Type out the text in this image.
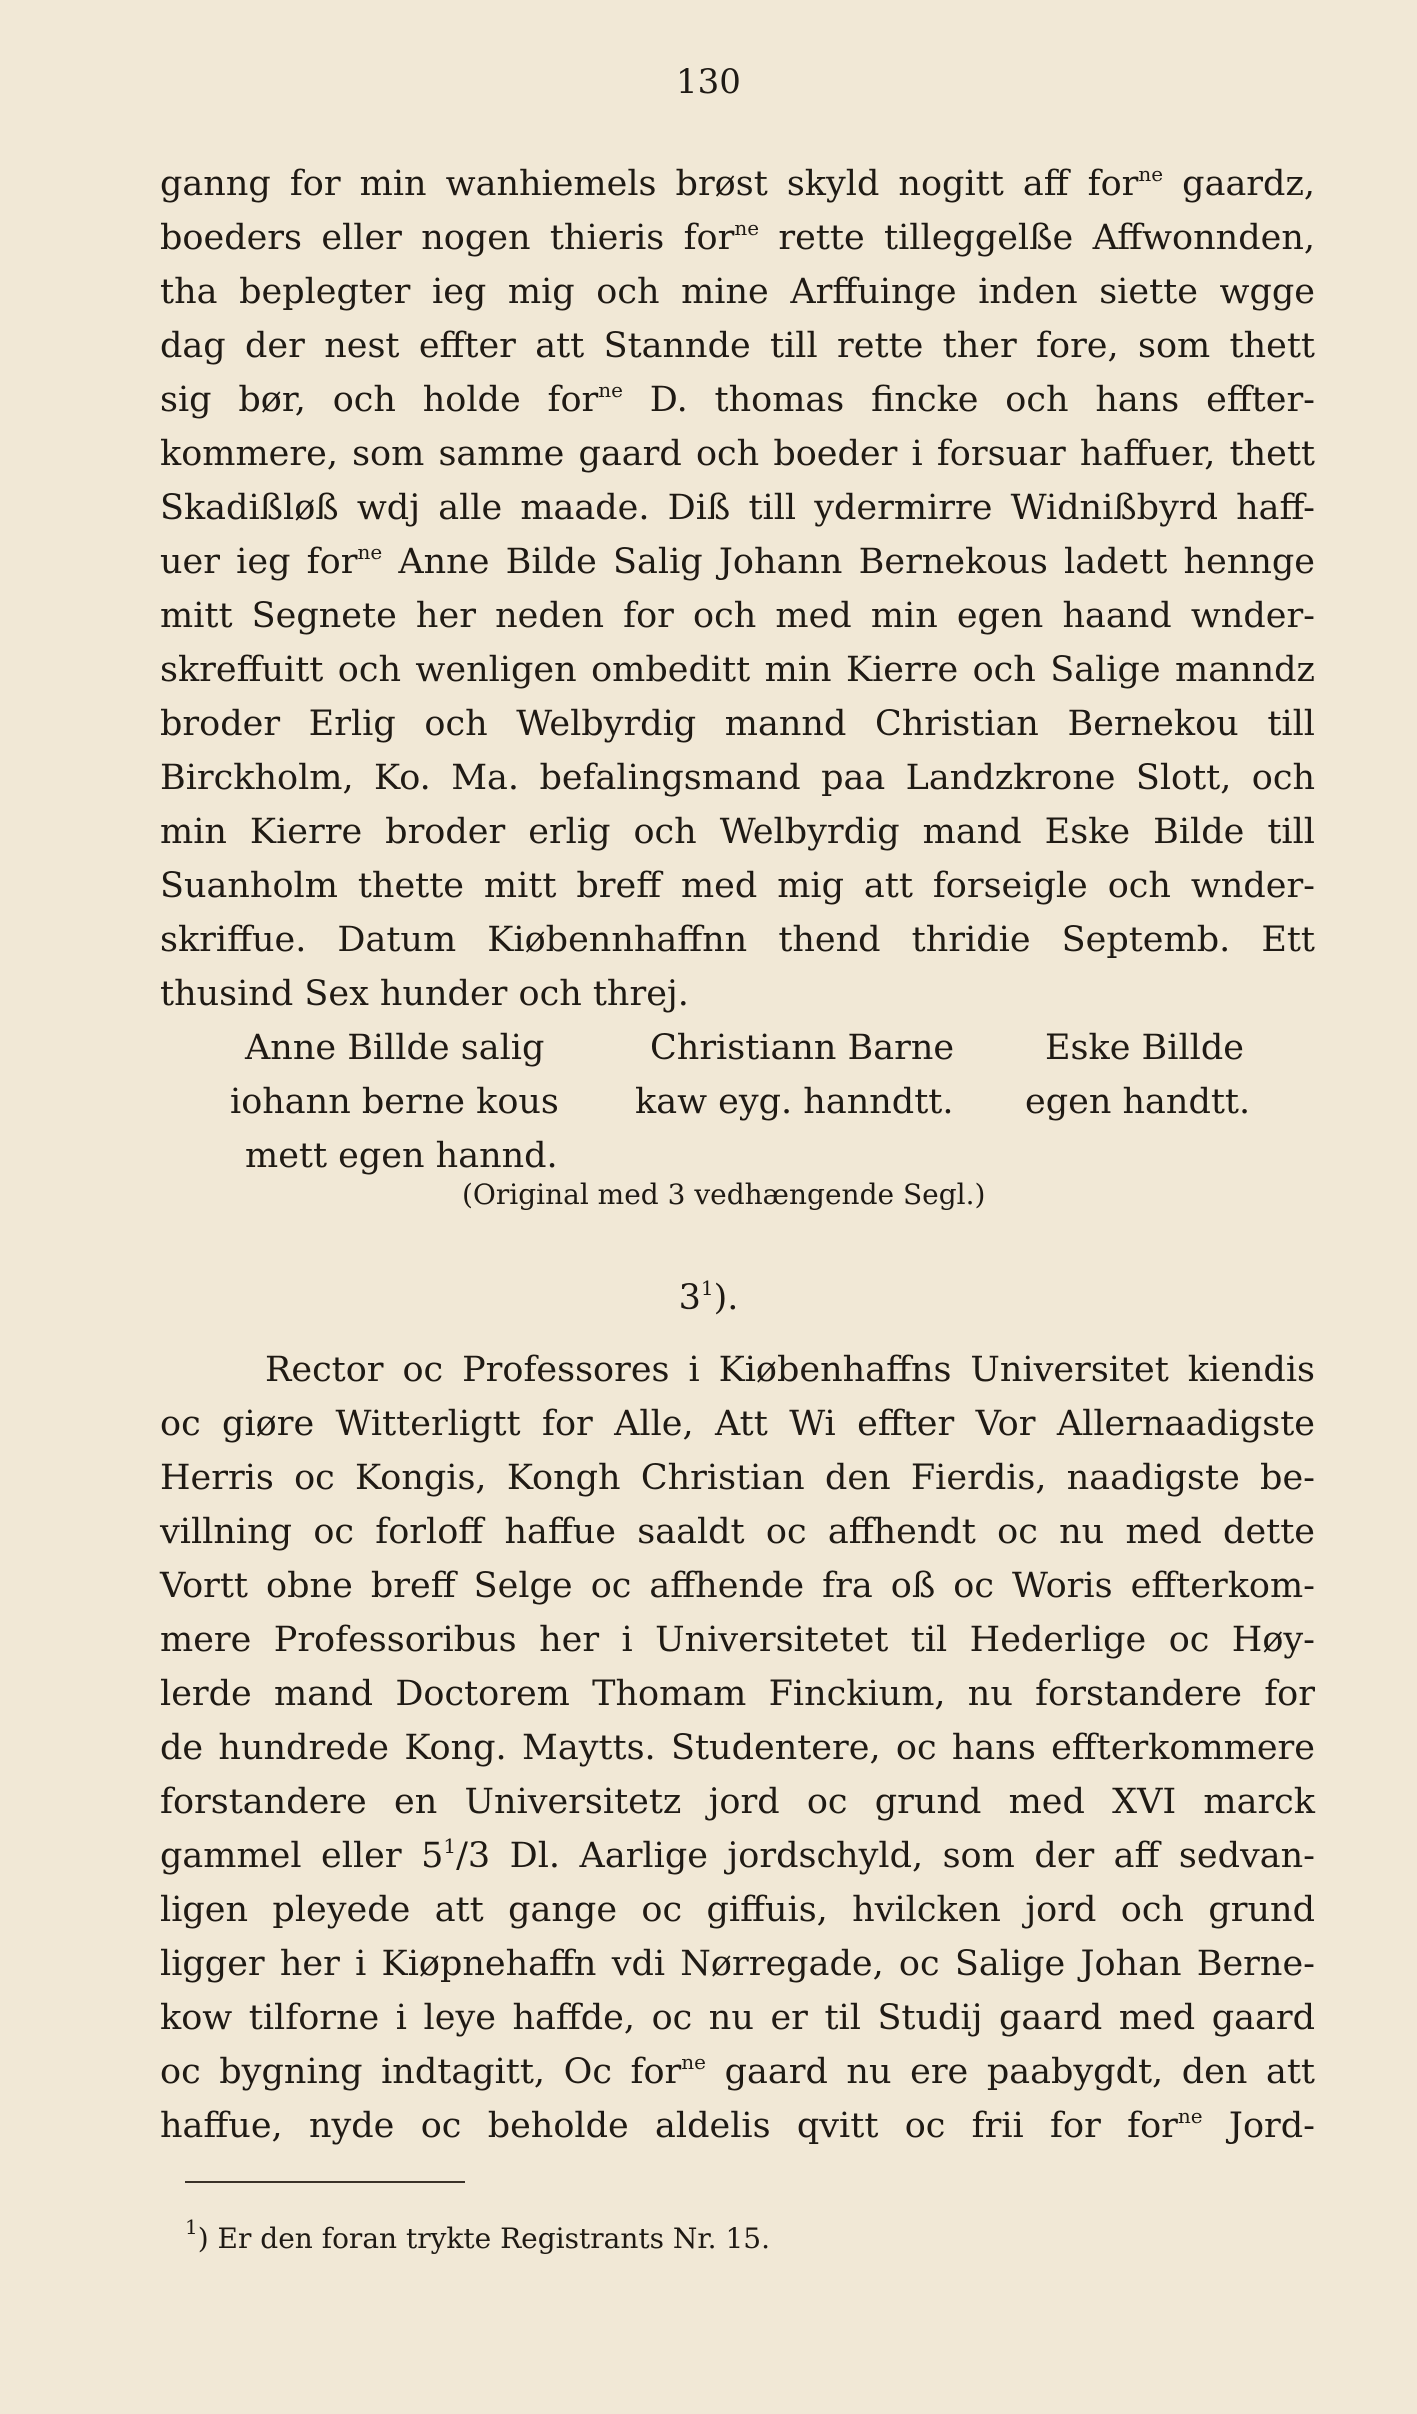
130
ganng for min wanhiemels brøst skyld nogitt aff for$^{ne}$ gaardz,
boeders eller nogen thieris for$^{ne}$ rette tilleggelße Affwonnden,
tha beplegter ieg mig och mine Arffuinge inden siette wgge
dag der nest effter att Stannde till rette ther fore, som thett
sig bør, och holde for$^{ne}$ D. thomas fincke och hans effter-
kommere, som samme gaard och boeder i forsuar haffuer, thett
Skadißløß wdj alle maade. Diß till ydermirre Widnißbyrd haff-
uer ieg for$^{ne}$ Anne Bilde Salig Johann Bernekous ladett hennge
mitt Segnete her neden for och med min egen haand wnder-
skreffuitt och wenligen ombeditt min Kierre och Salige manndz
broder Erlig och Welbyrdig mannd Christian Bernekou till
Birckholm, Ko. Ma. befalingsmand paa Landzkrone Slott, och
min Kierre broder erlig och Welbyrdig mand Eske Bilde till
Suanholm thette mitt breff med mig att forseigle och wnder-
skriffue. Datum Kiøbennhaffnn thend thridie Septemb. Ett
thusind Sex hunder och threj.
Anne Billde salig
iohann berne kous
mett egen hannd.
Christiann Barne
kaw eyg. hanndtt.
Eske Billde
egen handtt.
(Original med 3 vedhængende Segl.)
$3^1$).
Rector oc Professores i Kiøbenhaffns Universitet kiendis
oc giøre Witterligtt for Alle, Att Wi effter Vor Allernaadigste
Herris oc Kongis, Kongh Christian den Fierdis, naadigste be-
villning oc forloff haffue saaldt oc affhendt oc nu med dette
Vortt obne breff Selge oc affhende fra oß oc Woris effterkom-
mere Professoribus her i Universitetet til Hederlige oc Høy-
lerde mand Doctorem Thomam Finckium, nu forstandere for
de hundrede Kong. Maytts. Studentere, oc hans effterkommere
forstandere en Universitetz jord oc grund med XVI marck
gammel eller $5^1/3$ Dl. Aarlige jordschyld, som der aff sedvan-
ligen pleyede att gange oc giffuis, hvilcken jord och grund
ligger her i Kiøpnehaffn vdi Nørregade, oc Salige Johan Berne-
kow tilforne i leye haffde, oc nu er til Studij gaard med gaard
oc bygning indtagitt, Oc for$^{ne}$ gaard nu ere paabygdt, den att
haffue, nyde oc beholde aldelis qvitt oc frii for for$^{ne}$ Jord-
$^1$) Er den foran trykte Registrants Nr. 15.
